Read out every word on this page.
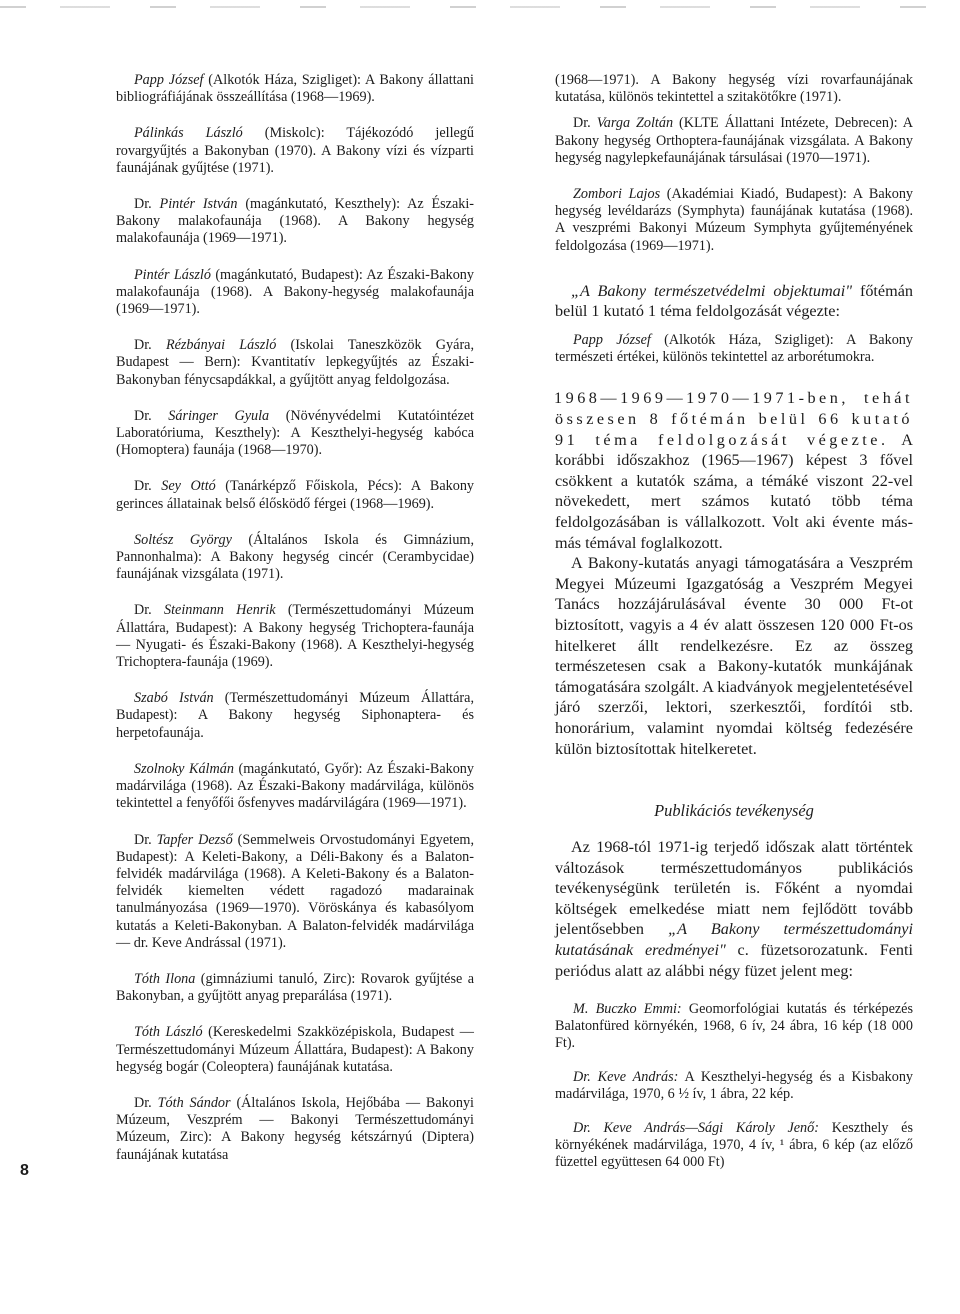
Papp József (Alkotók Háza, Szigliget): A Bakony állattani bibliográfiájának összeállítása (1968—1969).

Pálinkás László (Miskolc): Tájékozódó jellegű rovargyűjtés a Bakonyban (1970). A Bakony vízi és vízparti faunájának gyűjtése (1971).

Dr. Pintér István (magánkutató, Keszthely): Az Északi-Bakony malakofaunája (1968). A Bakony hegység malakofaunája (1969—1971).

Pintér László (magánkutató, Budapest): Az Északi-Bakony malakofaunája (1968). A Bakony-hegység malakofaunája (1969—1971).

Dr. Rézbányai László (Iskolai Taneszközök Gyára, Budapest — Bern): Kvantitatív lepkegyűjtés az Északi-Bakonyban fénycsapdákkal, a gyűjtött anyag feldolgozása.

Dr. Sáringer Gyula (Növényvédelmi Kutatóintézet Laboratóriuma, Keszthely): A Keszthelyi-hegység kabóca (Homoptera) faunája (1968—1970).

Dr. Sey Ottó (Tanárképző Főiskola, Pécs): A Bakony gerinces állatainak belső élősködő férgei (1968—1969).

Soltész György (Általános Iskola és Gimnázium, Pannonhalma): A Bakony hegység cincér (Cerambycidae) faunájának vizsgálata (1971).

Dr. Steinmann Henrik (Természettudományi Múzeum Állattára, Budapest): A Bakony hegység Trichoptera-faunája — Nyugati- és Északi-Bakony (1968). A Keszthelyi-hegység Trichoptera-faunája (1969).

Szabó István (Természettudományi Múzeum Állattára, Budapest): A Bakony hegység Siphonaptera- és herpetofaunája.

Szolnoky Kálmán (magánkutató, Győr): Az Északi-Bakony madárvilága (1968). Az Északi-Bakony madárvilága, különös tekintettel a fenyőfői ősfenyves madárvilágára (1969—1971).

Dr. Tapfer Dezső (Semmelweis Orvostudományi Egyetem, Budapest): A Keleti-Bakony, a Déli-Bakony és a Balaton-felvidék madárvilága (1968). A Keleti-Bakony és a Balaton-felvidék kiemelten védett ragadozó madarainak tanulmányozása (1969—1970). Vöröskánya és kabasólyom kutatás a Keleti-Bakonyban. A Balaton-felvidék madárvilága — dr. Keve Andrással (1971).

Tóth Ilona (gimnáziumi tanuló, Zirc): Rovarok gyűjtése a Bakonyban, a gyűjtött anyag preparálása (1971).

Tóth László (Kereskedelmi Szakközépiskola, Budapest — Természettudományi Múzeum Állattára, Budapest): A Bakony hegység bogár (Coleoptera) faunájának kutatása.

Dr. Tóth Sándor (Általános Iskola, Hejőbába — Bakonyi Múzeum, Veszprém — Bakonyi Természettudományi Múzeum, Zirc): A Bakony hegység kétszárnyú (Diptera) faunájának kutatása

(1968—1971). A Bakony hegység vízi rovarfaunájának kutatása, különös tekintettel a szitakötőkre (1971).

Dr. Varga Zoltán (KLTE Állattani Intézete, Debrecen): A Bakony hegység Orthoptera-faunájának vizsgálata. A Bakony hegység nagylepkefaunájának társulásai (1970—1971).

Zombori Lajos (Akadémiai Kiadó, Budapest): A Bakony hegység levéldarázs (Symphyta) faunájának kutatása (1968). A veszprémi Bakonyi Múzeum Symphyta gyűjteményének feldolgozása (1969—1971).

„A Bakony természetvédelmi objektumai" főtémán belül 1 kutató 1 téma feldolgozását végezte:

Papp József (Alkotók Háza, Szigliget): A Bakony természeti értékei, különös tekintettel az arborétumokra.

1968—1969—1970—1971-ben, tehát összesen 8 főtémán belül 66 kutató 91 téma feldolgozását végezte. A korábbi időszakhoz (1965—1967) képest 3 fővel csökkent a kutatók száma, a témáké viszont 22-vel növekedett, mert számos kutató több téma feldolgozásában is vállalkozott. Volt aki évente más-más témával foglalkozott.

A Bakony-kutatás anyagi támogatására a Veszprém Megyei Múzeumi Igazgatóság a Veszprém Megyei Tanács hozzájárulásával évente 30 000 Ft-ot biztosított, vagyis a 4 év alatt összesen 120 000 Ft-os hitelkeret állt rendelkezésre. Ez az összeg természetesen csak a Bakony-kutatók munkájának támogatására szolgált. A kiadványok megjelentetésével járó szerzői, lektori, szerkesztői, fordítói stb. honorárium, valamint nyomdai költség fedezésére külön biztosítottak hitelkeretet.

Publikációs tevékenység

Az 1968-tól 1971-ig terjedő időszak alatt történtek változások természettudományos publikációs tevékenységünk területén is. Főként a nyomdai költségek emelkedése miatt nem fejlődött tovább jelentősebben „A Bakony természettudományi kutatásának eredményei" c. füzetsorozatunk. Fenti periódus alatt az alábbi négy füzet jelent meg:

M. Buczko Emmi: Geomorfológiai kutatás és térképezés Balatonfüred környékén, 1968, 6 ív, 24 ábra, 16 kép (18 000 Ft).

Dr. Keve András: A Keszthelyi-hegység és a Kisbakony madárvilága, 1970, 6 ½ ív, 1 ábra, 22 kép.

Dr. Keve András—Sági Károly Jenő: Keszthely és környékének madárvilága, 1970, 4 ív, ¹ ábra, 6 kép (az előző füzettel együttesen 64 000 Ft)

8
